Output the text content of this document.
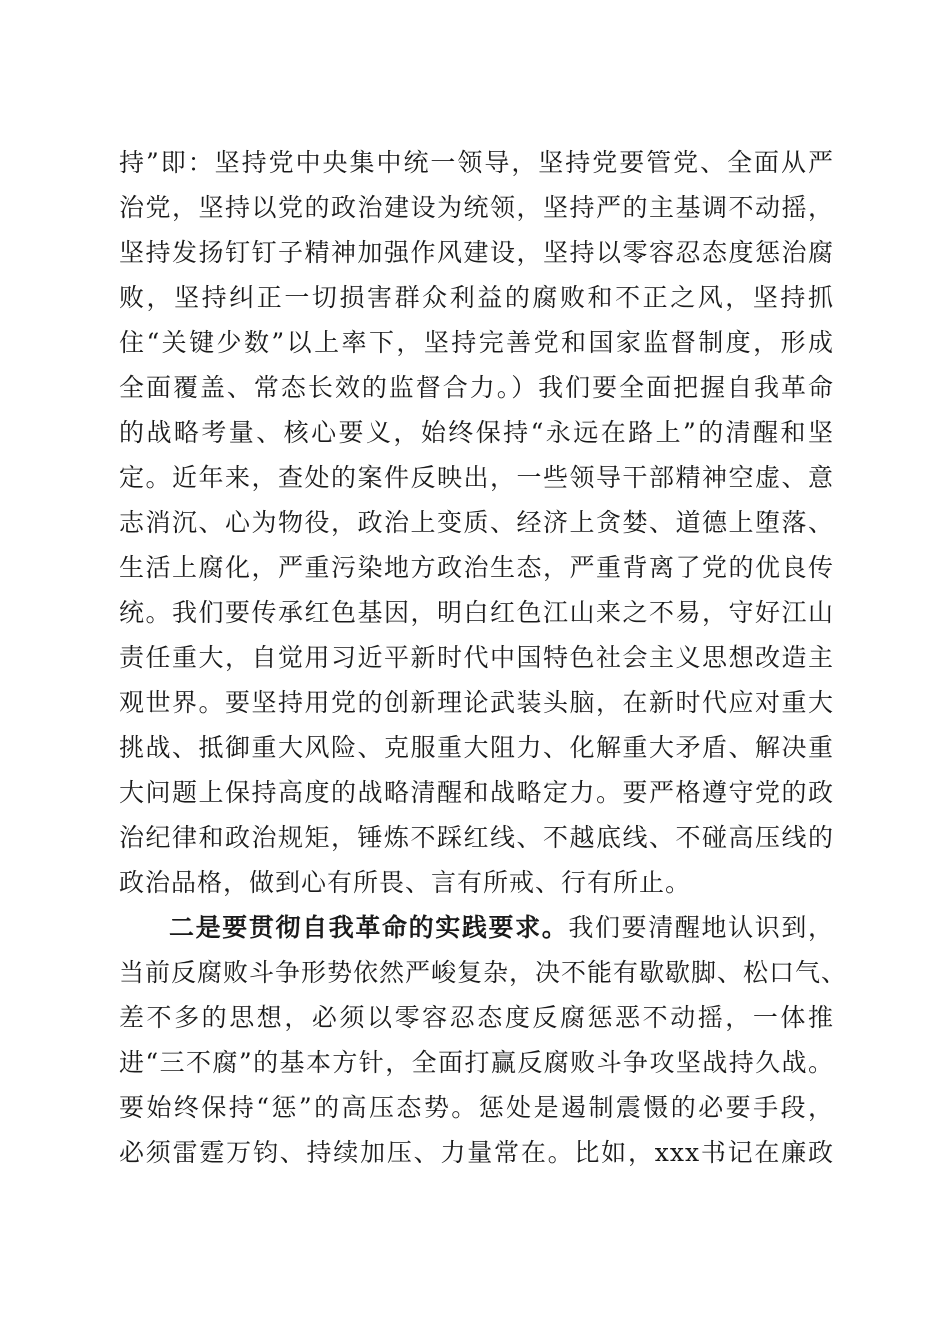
持”即：坚持党中央集中统一领导，坚持党要管党、全面从严
治党，坚持以党的政治建设为统领，坚持严的主基调不动摇，
坚持发扬钉钉子精神加强作风建设，坚持以零容忍态度惩治腐
败，坚持纠正一切损害群众利益的腐败和不正之风，坚持抓
住“关键少数”以上率下，坚持完善党和国家监督制度，形成
全面覆盖、常态长效的监督合力。）我们要全面把握自我革命
的战略考量、核心要义，始终保持“永远在路上”的清醒和坚
定。近年来，查处的案件反映出，一些领导干部精神空虚、意
志消沉、心为物役，政治上变质、经济上贪婪、道德上堕落、
生活上腐化，严重污染地方政治生态，严重背离了党的优良传
统。我们要传承红色基因，明白红色江山来之不易，守好江山
责任重大，自觉用习近平新时代中国特色社会主义思想改造主
观世界。要坚持用党的创新理论武装头脑，在新时代应对重大
挑战、抵御重大风险、克服重大阻力、化解重大矛盾、解决重
大问题上保持高度的战略清醒和战略定力。要严格遵守党的政
治纪律和政治规矩，锤炼不踩红线、不越底线、不碰高压线的
政治品格，做到心有所畏、言有所戒、行有所止。
二是要贯彻自我革命的实践要求。我们要清醒地认识到，
当前反腐败斗争形势依然严峻复杂，决不能有歇歇脚、松口气、
差不多的思想，必须以零容忍态度反腐惩恶不动摇，一体推
进“三不腐”的基本方针，全面打赢反腐败斗争攻坚战持久战。
要始终保持“惩”的高压态势。惩处是遏制震慑的必要手段，
必须雷霆万钧、持续加压、力量常在。比如，xxx书记在廉政
